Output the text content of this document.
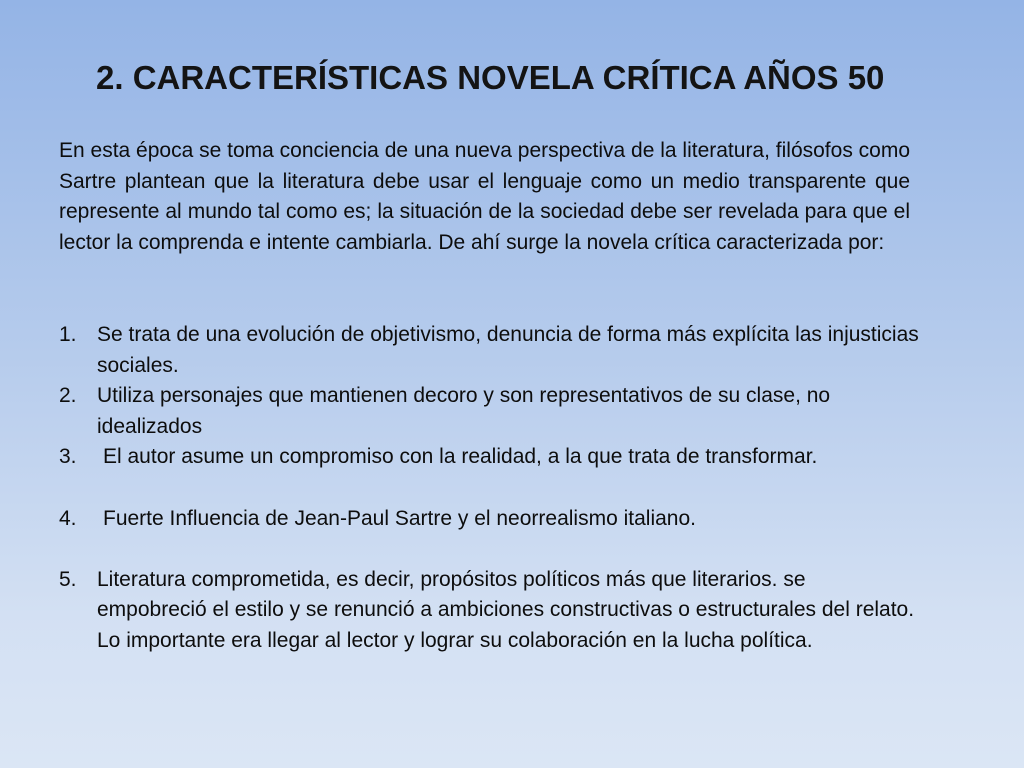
2. CARACTERÍSTICAS NOVELA CRÍTICA AÑOS 50

En esta época se toma conciencia de una nueva perspectiva de la literatura, filósofos como Sartre plantean que la literatura debe usar el lenguaje como un medio transparente que represente al mundo tal como es; la situación de la sociedad debe ser revelada para que el lector la comprenda e intente cambiarla. De ahí surge la novela crítica caracterizada por:

1. Se trata de una evolución de objetivismo, denuncia de forma más explícita las injusticias sociales.
2. Utiliza personajes que mantienen decoro y son representativos de su clase, no idealizados
3. El autor asume un compromiso con la realidad, a la que trata de transformar.
4. Fuerte Influencia de Jean-Paul Sartre y el neorrealismo italiano.
5. Literatura comprometida, es decir, propósitos políticos más que literarios. se empobreció el estilo y se renunció a ambiciones constructivas o estructurales del relato. Lo importante era llegar al lector y lograr su colaboración en la lucha política.
